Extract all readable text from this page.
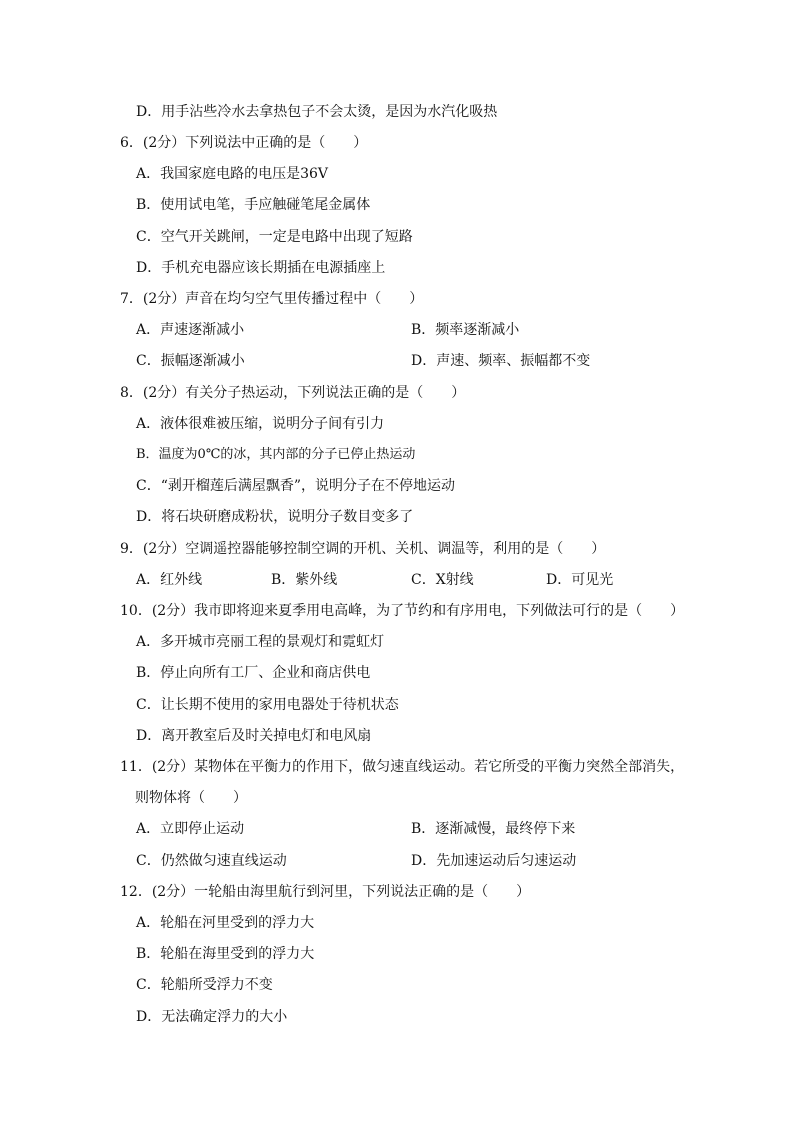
D．用手沾些冷水去拿热包子不会太烫，是因为水汽化吸热
6．(2分）下列说法中正确的是（　　）
A．我国家庭电路的电压是36V
B．使用试电笔，手应触碰笔尾金属体
C．空气开关跳闸，一定是电路中出现了短路
D．手机充电器应该长期插在电源插座上
7．(2分）声音在均匀空气里传播过程中（　　）
A．声速逐渐减小	B．频率逐渐减小
C．振幅逐渐减小	D．声速、频率、振幅都不变
8．(2分）有关分子热运动，下列说法正确的是（　　）
A．液体很难被压缩，说明分子间有引力
B．温度为0℃的冰，其内部的分子已停止热运动
C．“剥开榴莲后满屋飘香”，说明分子在不停地运动
D．将石块研磨成粉状，说明分子数目变多了
9．(2分）空调遥控器能够控制空调的开机、关机、调温等，利用的是（　　）
A．红外线	B．紫外线	C．X射线	D．可见光
10．(2分）我市即将迎来夏季用电高峰，为了节约和有序用电，下列做法可行的是（　　）
A．多开城市亮丽工程的景观灯和霓虹灯
B．停止向所有工厂、企业和商店供电
C．让长期不使用的家用电器处于待机状态
D．离开教室后及时关掉电灯和电风扇
11．(2分）某物体在平衡力的作用下，做匀速直线运动。若它所受的平衡力突然全部消失，
则物体将（　　）
A．立即停止运动	B．逐渐减慢，最终停下来
C．仍然做匀速直线运动	D．先加速运动后匀速运动
12．(2分）一轮船由海里航行到河里，下列说法正确的是（　　）
A．轮船在河里受到的浮力大
B．轮船在海里受到的浮力大
C．轮船所受浮力不变
D．无法确定浮力的大小
